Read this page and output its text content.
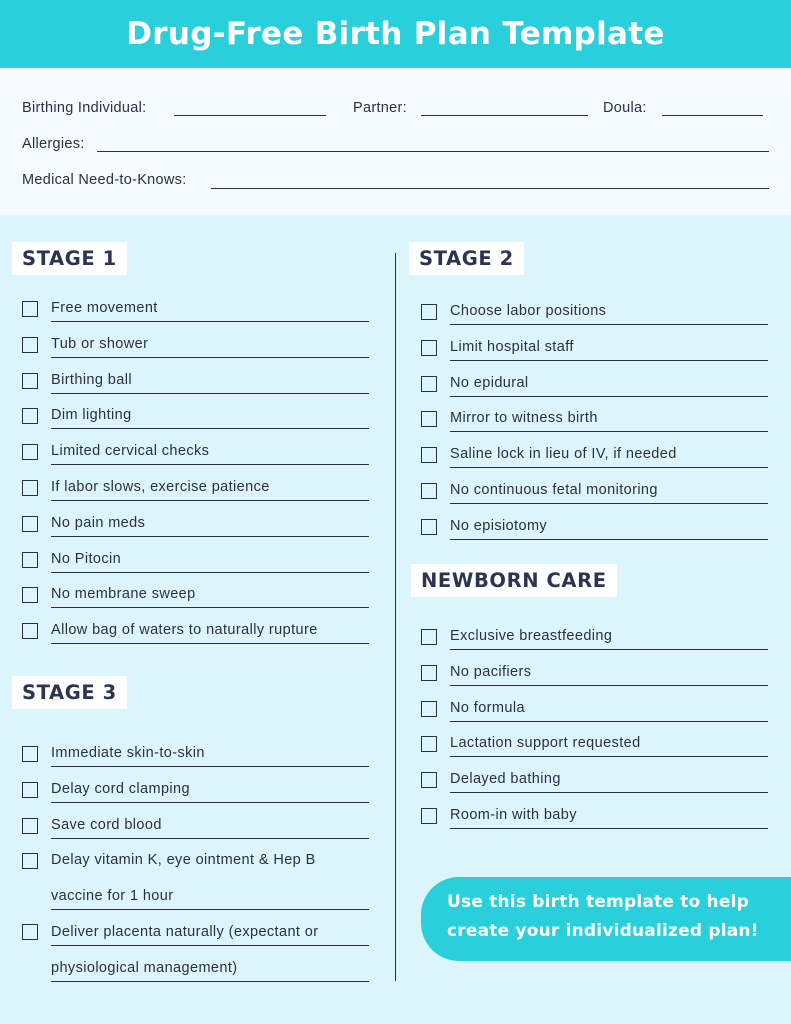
Drug-Free Birth Plan Template
Birthing Individual:	Partner:	Doula:
Allergies:
Medical Need-to-Knows:
STAGE 1	STAGE 2
STAGE 3
NEWBORN CARE
Free movement
Tub or shower
Birthing ball
Dim lighting
Limited cervical checks
If labor slows, exercise patience
No pain meds
No Pitocin
No membrane sweep
Allow bag of waters to naturally rupture
Choose labor positions
Limit hospital staff
No epidural
Mirror to witness birth
Saline lock in lieu of IV, if needed
No continuous fetal monitoring
No episiotomy
Immediate skin-to-skin
Delay cord clamping
Save cord blood
Exclusive breastfeeding
No pacifiers
No formula
Lactation support requested
Delayed bathing
Room-in with baby
Delay vitamin K, eye ointment & Hep B
vaccine for 1 hour
Deliver placenta naturally (expectant or
physiological management)
Use this birth template to help
create your individualized plan!
